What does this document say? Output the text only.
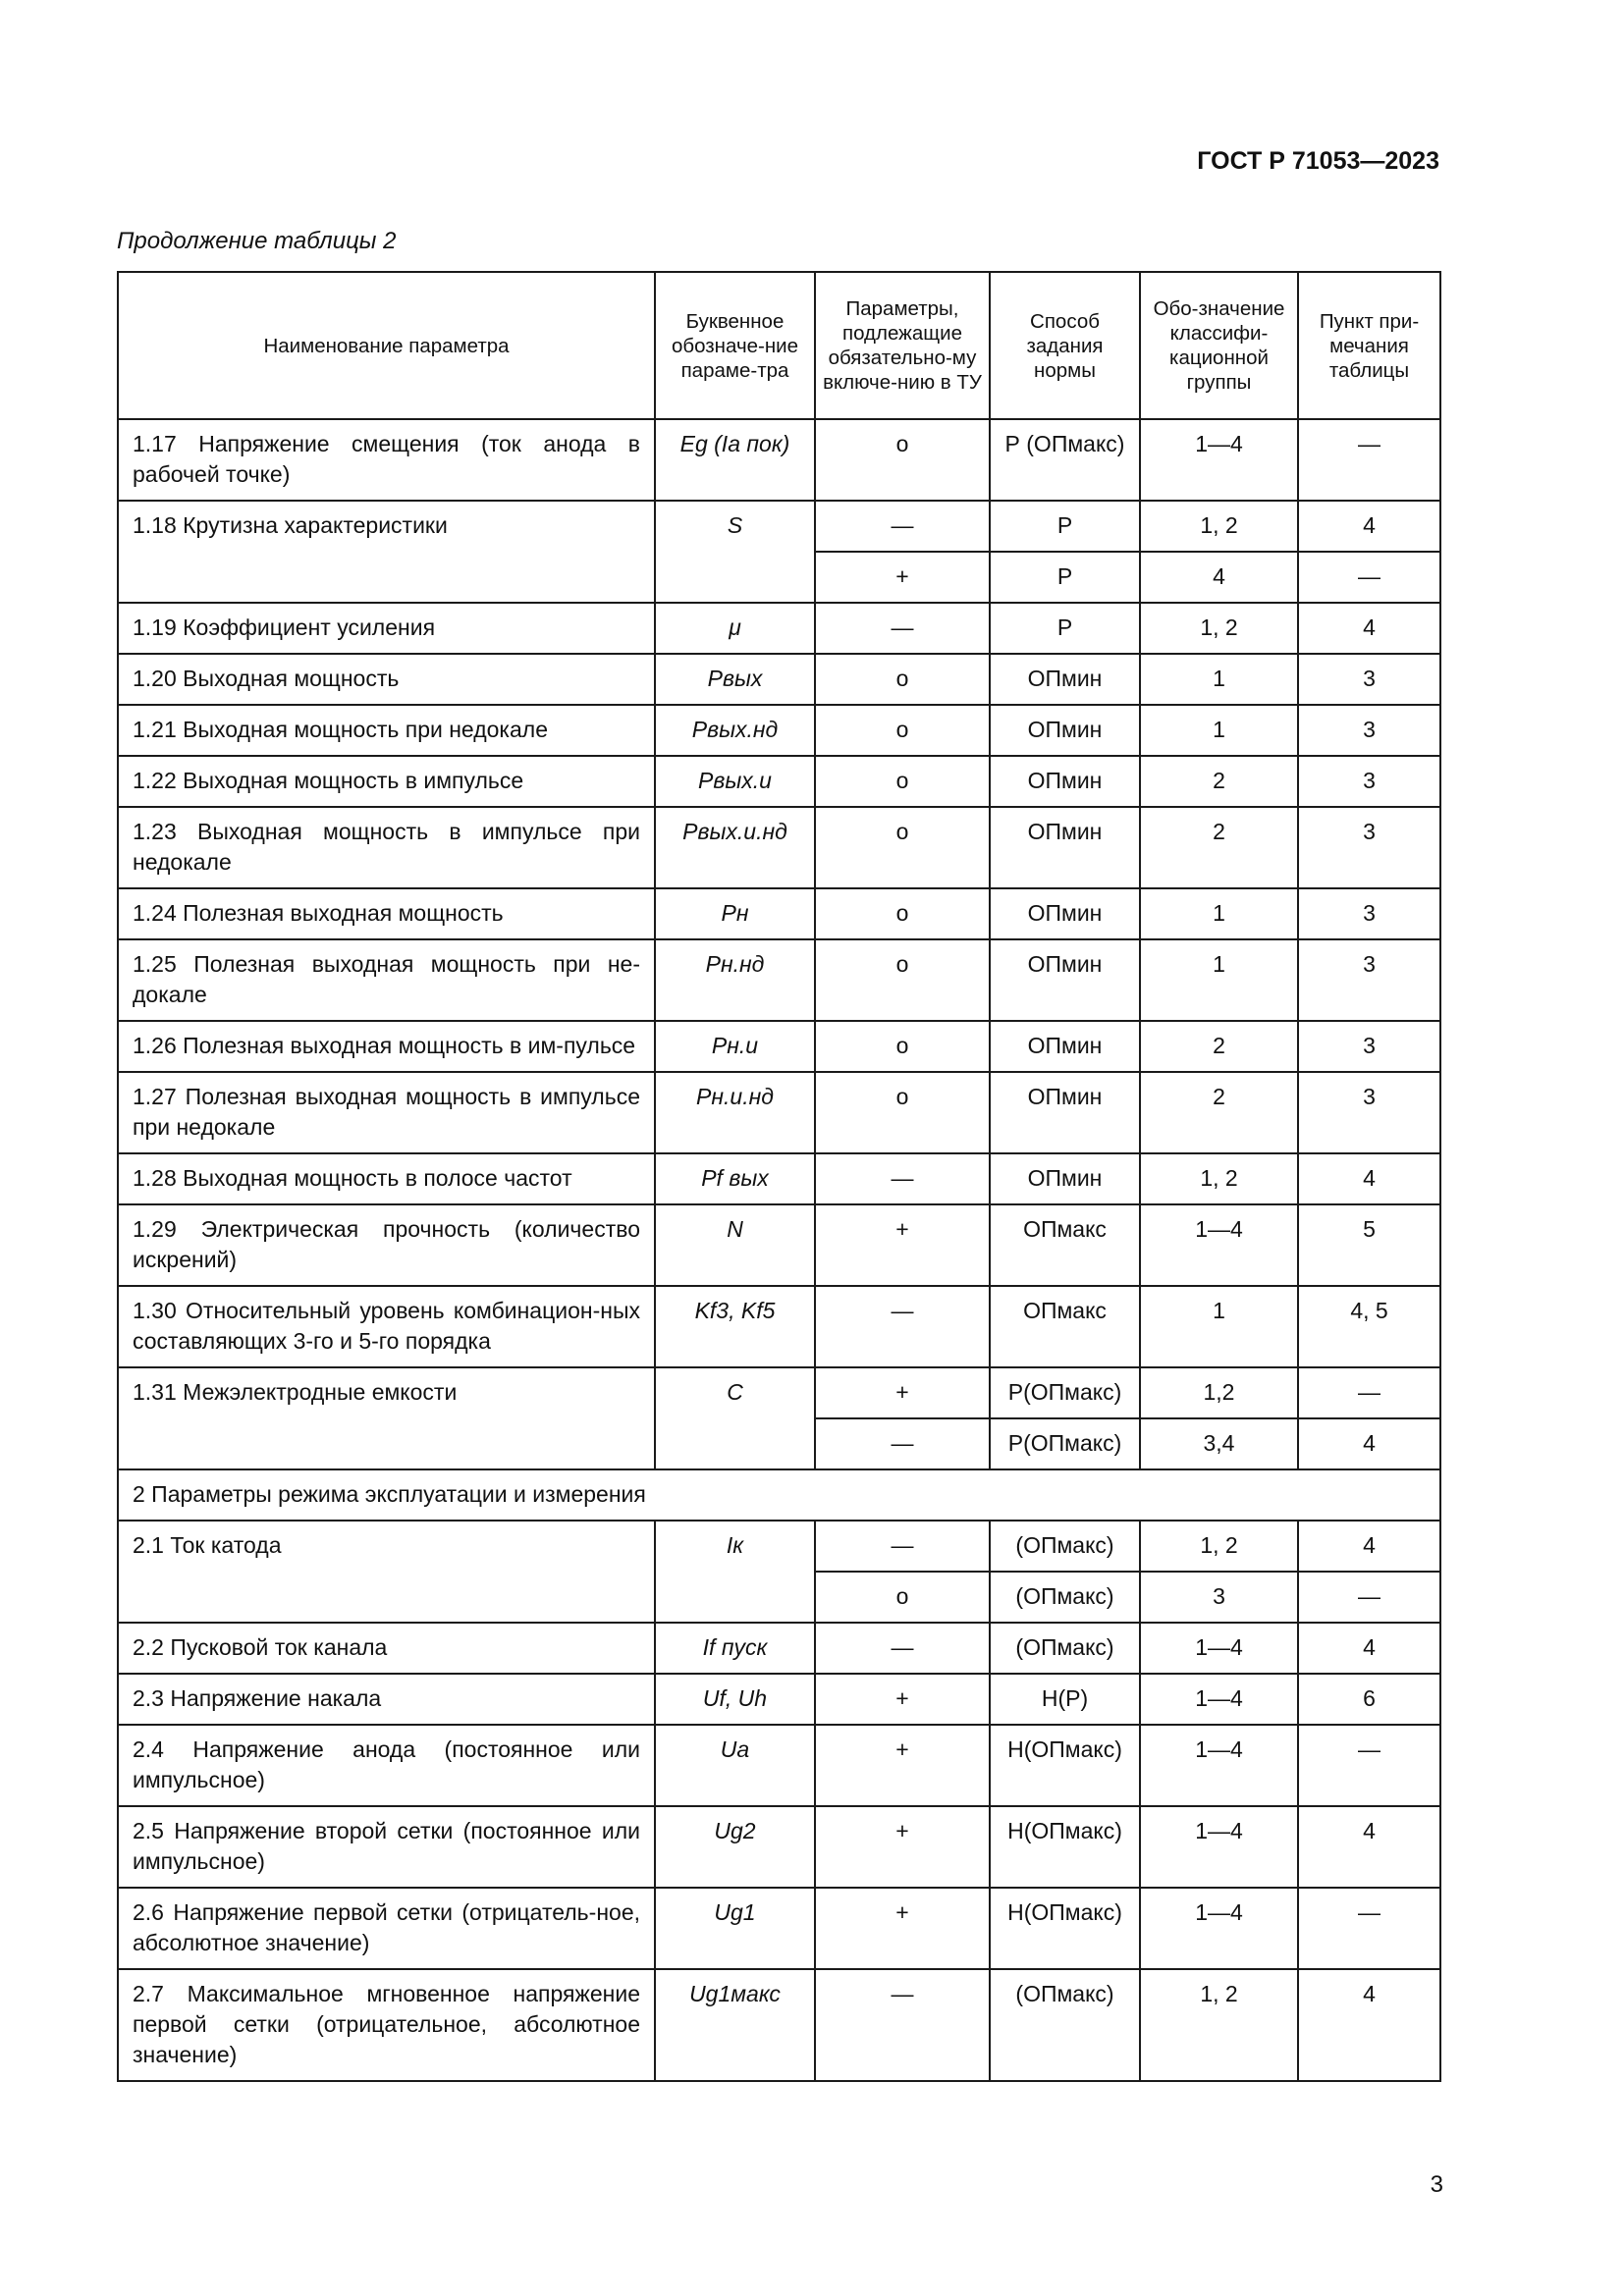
ГОСТ Р 71053—2023
Продолжение таблицы 2
Наименование параметра	Буквенное обозначе-ние параме-тра	Параметры, подлежащие обязательно-му включе-нию в ТУ	Способ задания нормы	Обо-значение классифи-кационной группы	Пункт при-мечания таблицы
1.17 Напряжение смещения (ток анода в рабочей точке)	Eg (Iа пок)	o	Р (ОПмакс)	1—4	—
1.18 Крутизна характеристики	S	—	Р	1, 2	4
		+	Р	4	—
1.19 Коэффициент усиления	μ	—	Р	1, 2	4
1.20 Выходная мощность	Pвых	o	ОПмин	1	3
1.21 Выходная мощность при недокале	Pвых.нд	o	ОПмин	1	3
1.22 Выходная мощность в импульсе	Pвых.и	o	ОПмин	2	3
1.23 Выходная мощность в импульсе при недокале	Pвых.и.нд	o	ОПмин	2	3
1.24 Полезная выходная мощность	Pн	o	ОПмин	1	3
1.25 Полезная выходная мощность при не-докале	Pн.нд	o	ОПмин	1	3
1.26 Полезная выходная мощность в им-пульсе	Pн.и	o	ОПмин	2	3
1.27 Полезная выходная мощность в импульсе при недокале	Pн.и.нд	o	ОПмин	2	3
1.28 Выходная мощность в полосе частот	Pf вых	—	ОПмин	1, 2	4
1.29 Электрическая прочность (количество искрений)	N	+	ОПмакс	1—4	5
1.30 Относительный уровень комбинацион-ных составляющих 3-го и 5-го порядка	Kf3, Kf5	—	ОПмакс	1	4, 5
1.31 Межэлектродные емкости	C	+	Р(ОПмакс)	1,2	—
		—	Р(ОПмакс)	3,4	4
2 Параметры режима эксплуатации и измерения					
2.1 Ток катода	Iк	—	(ОПмакс)	1, 2	4
		o	(ОПмакс)	3	—
2.2 Пусковой ток канала	If пуск	—	(ОПмакс)	1—4	4
2.3 Напряжение накала	Uf, Uh	+	Н(Р)	1—4	6
2.4 Напряжение анода (постоянное или импульсное)	Uа	+	Н(ОПмакс)	1—4	—
2.5 Напряжение второй сетки (постоянное или импульсное)	Ug2	+	Н(ОПмакс)	1—4	4
2.6 Напряжение первой сетки (отрицатель-ное, абсолютное значение)	Ug1	+	Н(ОПмакс)	1—4	—
2.7 Максимальное мгновенное напряжение первой сетки (отрицательное, абсолютное значение)	Ug1макс	—	(ОПмакс)	1, 2	4
3
